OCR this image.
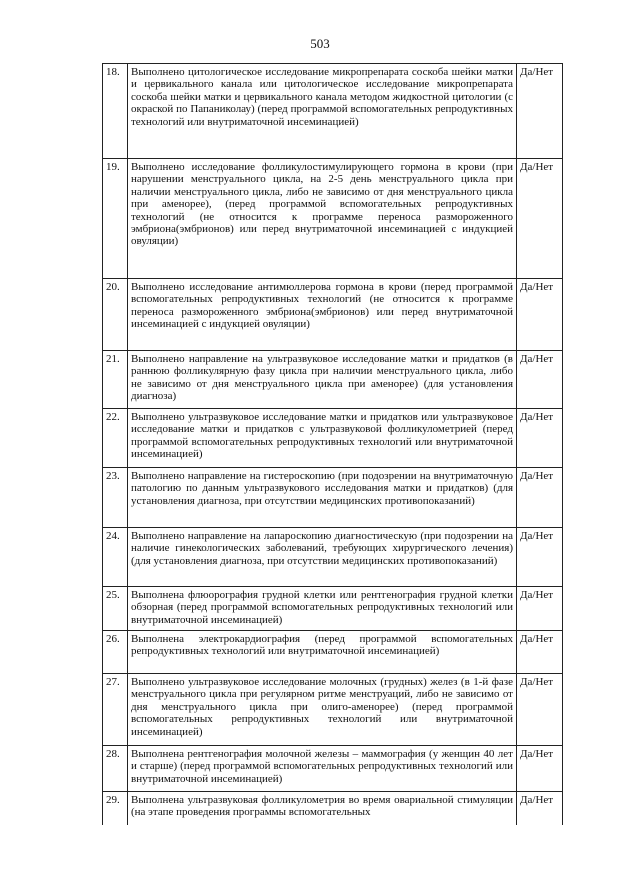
503
18.	Выполнено цитологическое исследование микропрепарата соскоба шейки матки и цервикального канала или цитологическое исследование микропрепарата соскоба шейки матки и цервикального канала методом жидкостной цитологии (с окраской по Папаниколау) (перед программой вспомогательных репродуктивных технологий или внутриматочной инсеминацией)	Да/Нет
19.	Выполнено исследование фолликулостимулирующего гормона в крови (при нарушении менструального цикла, на 2-5 день менструального цикла при наличии менструального цикла, либо не зависимо от дня менструального цикла при аменорее), (перед программой вспомогательных репродуктивных технологий (не относится к программе переноса размороженного эмбриона(эмбрионов) или перед внутриматочной инсеминацией с индукцией овуляции)	Да/Нет
20.	Выполнено исследование антимюллерова гормона в крови (перед программой вспомогательных репродуктивных технологий (не относится к программе переноса размороженного эмбриона(эмбрионов) или перед внутриматочной инсеминацией с индукцией овуляции)	Да/Нет
21.	Выполнено направление на ультразвуковое исследование матки и придатков (в раннюю фолликулярную фазу цикла при наличии менструального цикла, либо не зависимо от дня менструального цикла при аменорее) (для установления диагноза)	Да/Нет
22.	Выполнено ультразвуковое исследование матки и придатков или ультразвуковое исследование матки и придатков с ультразвуковой фолликулометрией (перед программой вспомогательных репродуктивных технологий или внутриматочной инсеминацией)	Да/Нет
23.	Выполнено направление на гистероскопию (при подозрении на внутриматочную патологию по данным ультразвукового исследования матки и придатков) (для установления диагноза, при отсутствии медицинских противопоказаний)	Да/Нет
24.	Выполнено направление на лапароскопию диагностическую (при подозрении на наличие гинекологических заболеваний, требующих хирургического лечения) (для установления диагноза, при отсутствии медицинских противопоказаний)	Да/Нет
25.	Выполнена флюорография грудной клетки или рентгенография грудной клетки обзорная (перед программой вспомогательных репродуктивных технологий или внутриматочной инсеминацией)	Да/Нет
26.	Выполнена электрокардиография (перед программой вспомогательных репродуктивных технологий или внутриматочной инсеминацией)	Да/Нет
27.	Выполнено ультразвуковое исследование молочных (грудных) желез (в 1-й фазе менструального цикла при регулярном ритме менструаций, либо не зависимо от дня менструального цикла при олиго-аменорее) (перед программой вспомогательных репродуктивных технологий или внутриматочной инсеминацией)	Да/Нет
28.	Выполнена рентгенография молочной железы – маммография (у женщин 40 лет и старше) (перед программой вспомогательных репродуктивных технологий или внутриматочной инсеминацией)	Да/Нет
29.	Выполнена ультразвуковая фолликулометрия во время овариальной стимуляции (на этапе проведения программы вспомогательных	Да/Нет
